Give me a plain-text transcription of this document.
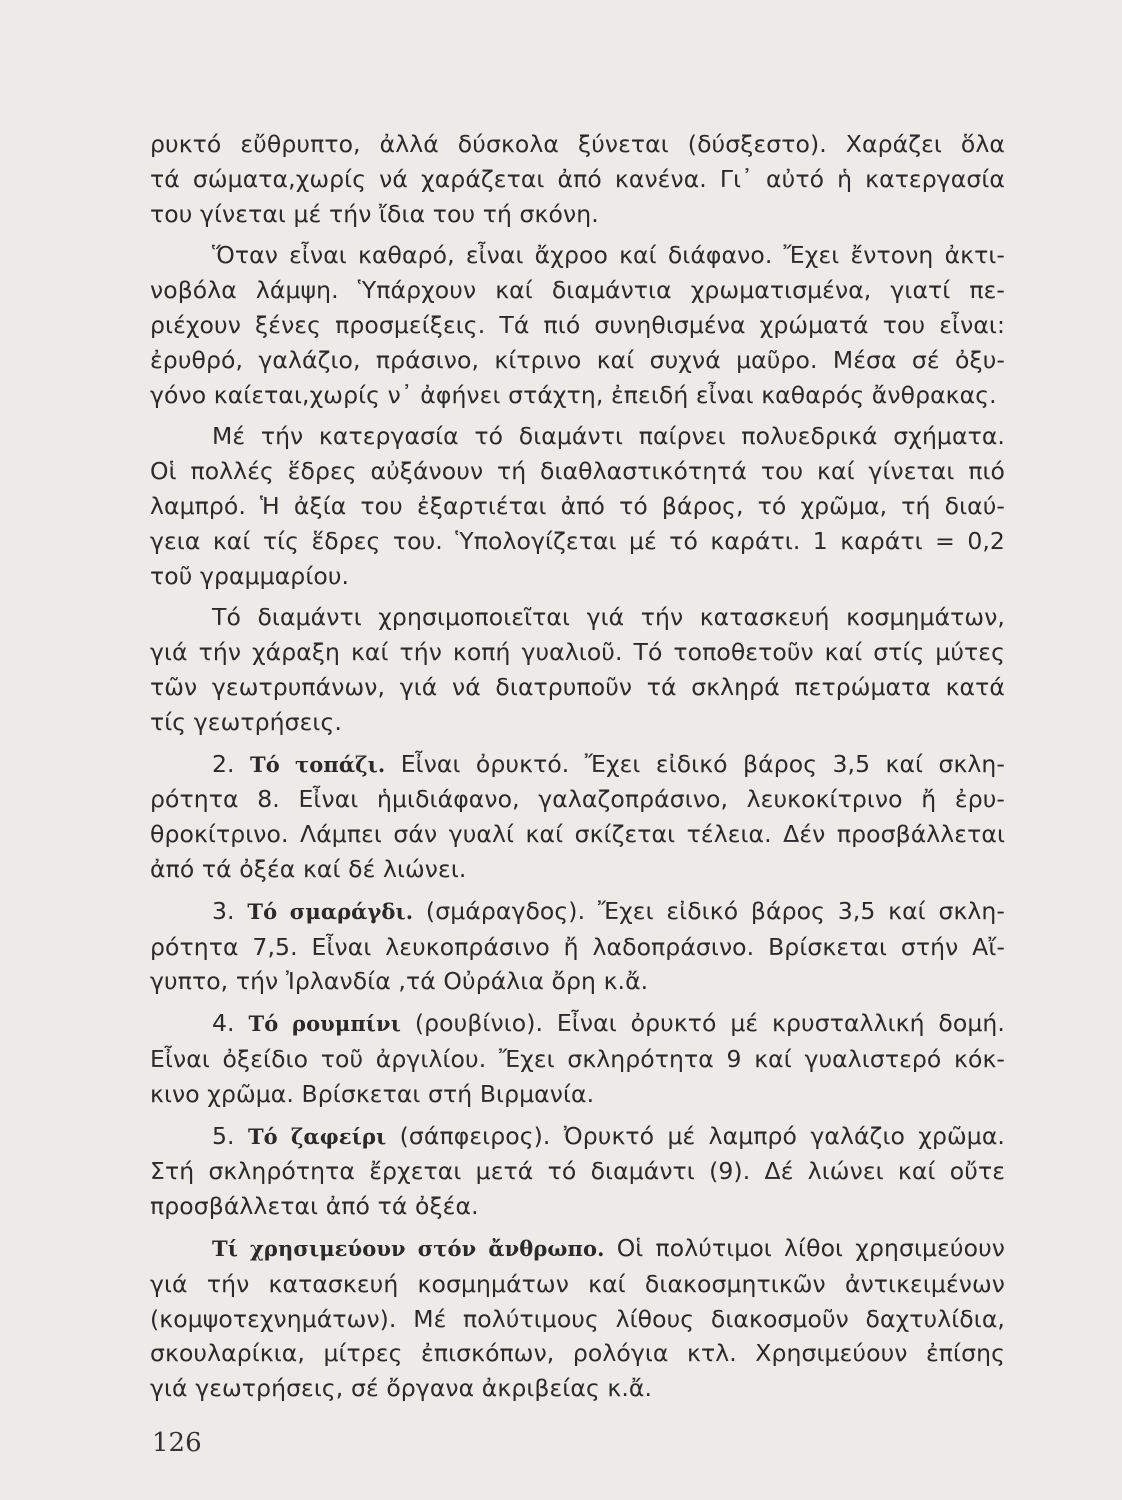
ρυκτό εὔθρυπτο, ἀλλά δύσκολα ξύνεται (δύσξεστο). Χαράζει ὅλα
τά σώματα,χωρίς νά χαράζεται ἀπό κανένα. Γι᾿ αὐτό ἡ κατεργασία
του γίνεται μέ τήν ἴδια του τή σκόνη.
Ὅταν εἶναι καθαρό, εἶναι ἄχροο καί διάφανο. Ἔχει ἔντονη ἀκτι-
νοβόλα λάμψη. Ὑπάρχουν καί διαμάντια χρωματισμένα, γιατί πε-
ριέχουν ξένες προσμείξεις. Τά πιό συνηθισμένα χρώματά του εἶναι:
ἐρυθρό, γαλάζιο, πράσινο, κίτρινο καί συχνά μαῦρο. Μέσα σέ ὀξυ-
γόνο καίεται,χωρίς ν᾿ ἀφήνει στάχτη, ἐπειδή εἶναι καθαρός ἄνθρακας.
Μέ τήν κατεργασία τό διαμάντι παίρνει πολυεδρικά σχήματα.
Οἱ πολλές ἕδρες αὐξάνουν τή διαθλαστικότητά του καί γίνεται πιό
λαμπρό. Ἡ ἀξία του ἐξαρτιέται ἀπό τό βάρος, τό χρῶμα, τή διαύ-
γεια καί τίς ἕδρες του. Ὑπολογίζεται μέ τό καράτι. 1 καράτι = 0,2
τοῦ γραμμαρίου.
Τό διαμάντι χρησιμοποιεῖται γιά τήν κατασκευή κοσμημάτων,
γιά τήν χάραξη καί τήν κοπή γυαλιοῦ. Τό τοποθετοῦν καί στίς μύτες
τῶν γεωτρυπάνων, γιά νά διατρυποῦν τά σκληρά πετρώματα κατά
τίς γεωτρήσεις.
2. Τό τοπάζι. Εἶναι ὀρυκτό. Ἔχει εἰδικό βάρος 3,5 καί σκλη-
ρότητα 8. Εἶναι ἡμιδιάφανο, γαλαζοπράσινο, λευκοκίτρινο ἤ ἐρυ-
θροκίτρινο. Λάμπει σάν γυαλί καί σκίζεται τέλεια. Δέν προσβάλλεται
ἀπό τά ὀξέα καί δέ λιώνει.
3. Τό σμαράγδι. (σμάραγδος). Ἔχει εἰδικό βάρος 3,5 καί σκλη-
ρότητα 7,5. Εἶναι λευκοπράσινο ἤ λαδοπράσινο. Βρίσκεται στήν Αἴ-
γυπτο, τήν Ἰρλανδία ,τά Οὐράλια ὄρη κ.ἄ.
4. Τό ρουμπίνι (ρουβίνιο). Εἶναι ὀρυκτό μέ κρυσταλλική δομή.
Εἶναι ὀξείδιο τοῦ ἀργιλίου. Ἔχει σκληρότητα 9 καί γυαλιστερό κόκ-
κινο χρῶμα. Βρίσκεται στή Βιρμανία.
5. Τό ζαφείρι (σάπφειρος). Ὀρυκτό μέ λαμπρό γαλάζιο χρῶμα.
Στή σκληρότητα ἔρχεται μετά τό διαμάντι (9). Δέ λιώνει καί οὔτε
προσβάλλεται ἀπό τά ὀξέα.
Τί χρησιμεύουν στόν ἄνθρωπο. Οἱ πολύτιμοι λίθοι χρησιμεύουν
γιά τήν κατασκευή κοσμημάτων καί διακοσμητικῶν ἀντικειμένων
(κομψοτεχνημάτων). Μέ πολύτιμους λίθους διακοσμοῦν δαχτυλίδια,
σκουλαρίκια, μίτρες ἐπισκόπων, ρολόγια κτλ. Χρησιμεύουν ἐπίσης
γιά γεωτρήσεις, σέ ὄργανα ἀκριβείας κ.ἄ.
126
